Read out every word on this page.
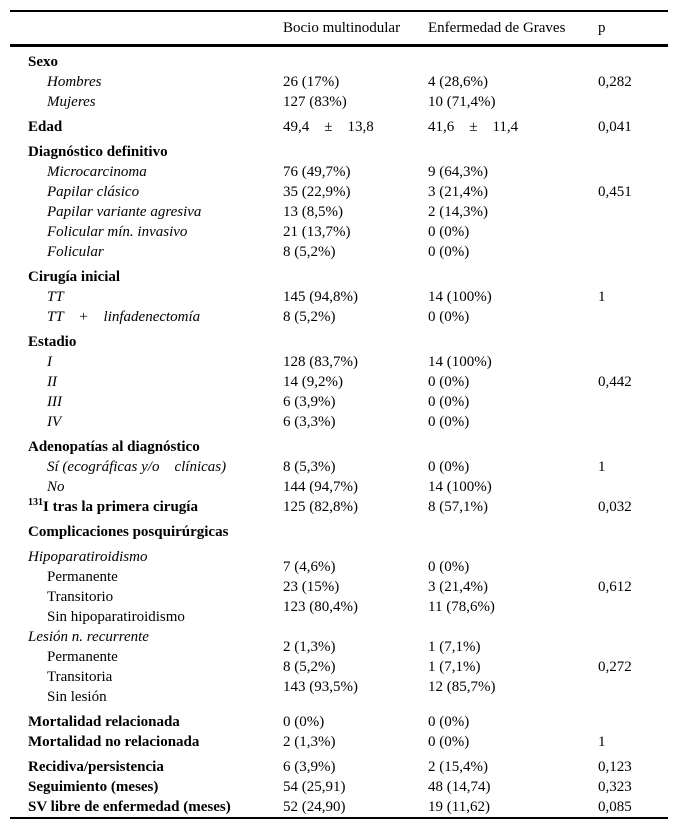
	Bocio multinodular	Enfermedad de Graves	p
Sexo			
Hombres	26 (17%)	4 (28,6%)	0,282
Mujeres	127 (83%)	10 (71,4%)	
Edad	49,4    ±    13,8	41,6    ±    11,4	0,041
Diagnóstico definitivo			
Microcarcinoma	76 (49,7%)	9 (64,3%)	
Papilar clásico	35 (22,9%)	3 (21,4%)	0,451
Papilar variante agresiva	13 (8,5%)	2 (14,3%)	
Folicular mín. invasivo	21 (13,7%)	0 (0%)	
Folicular	8 (5,2%)	0 (0%)	
Cirugía inicial			
TT	145 (94,8%)	14 (100%)	1
TT    +    linfadenectomía	8 (5,2%)	0 (0%)	
Estadio			
I	128 (83,7%)	14 (100%)	
II	14 (9,2%)	0 (0%)	0,442
III	6 (3,9%)	0 (0%)	
IV	6 (3,3%)	0 (0%)	
Adenopatías al diagnóstico			
Sí (ecográficas y/o    clínicas)	8 (5,3%)	0 (0%)	1
No	144 (94,7%)	14 (100%)	
$^{131}$I tras la primera cirugía	125 (82,8%)	8 (57,1%)	0,032
Complicaciones posquirúrgicas			
Hipoparatiroidismo			
Permanente	7 (4,6%)	0 (0%)	
Transitorio	23 (15%)	3 (21,4%)	0,612
Sin hipoparatiroidismo	123 (80,4%)	11 (78,6%)	
Lesión n. recurrente			
Permanente	2 (1,3%)	1 (7,1%)	
Transitoria	8 (5,2%)	1 (7,1%)	0,272
Sin lesión	143 (93,5%)	12 (85,7%)	
Mortalidad relacionada	0 (0%)	0 (0%)	
Mortalidad no relacionada	2 (1,3%)	0 (0%)	1
Recidiva/persistencia	6 (3,9%)	2 (15,4%)	0,123
Seguimiento (meses)	54 (25,91)	48 (14,74)	0,323
SV libre de enfermedad (meses)	52 (24,90)	19 (11,62)	0,085
